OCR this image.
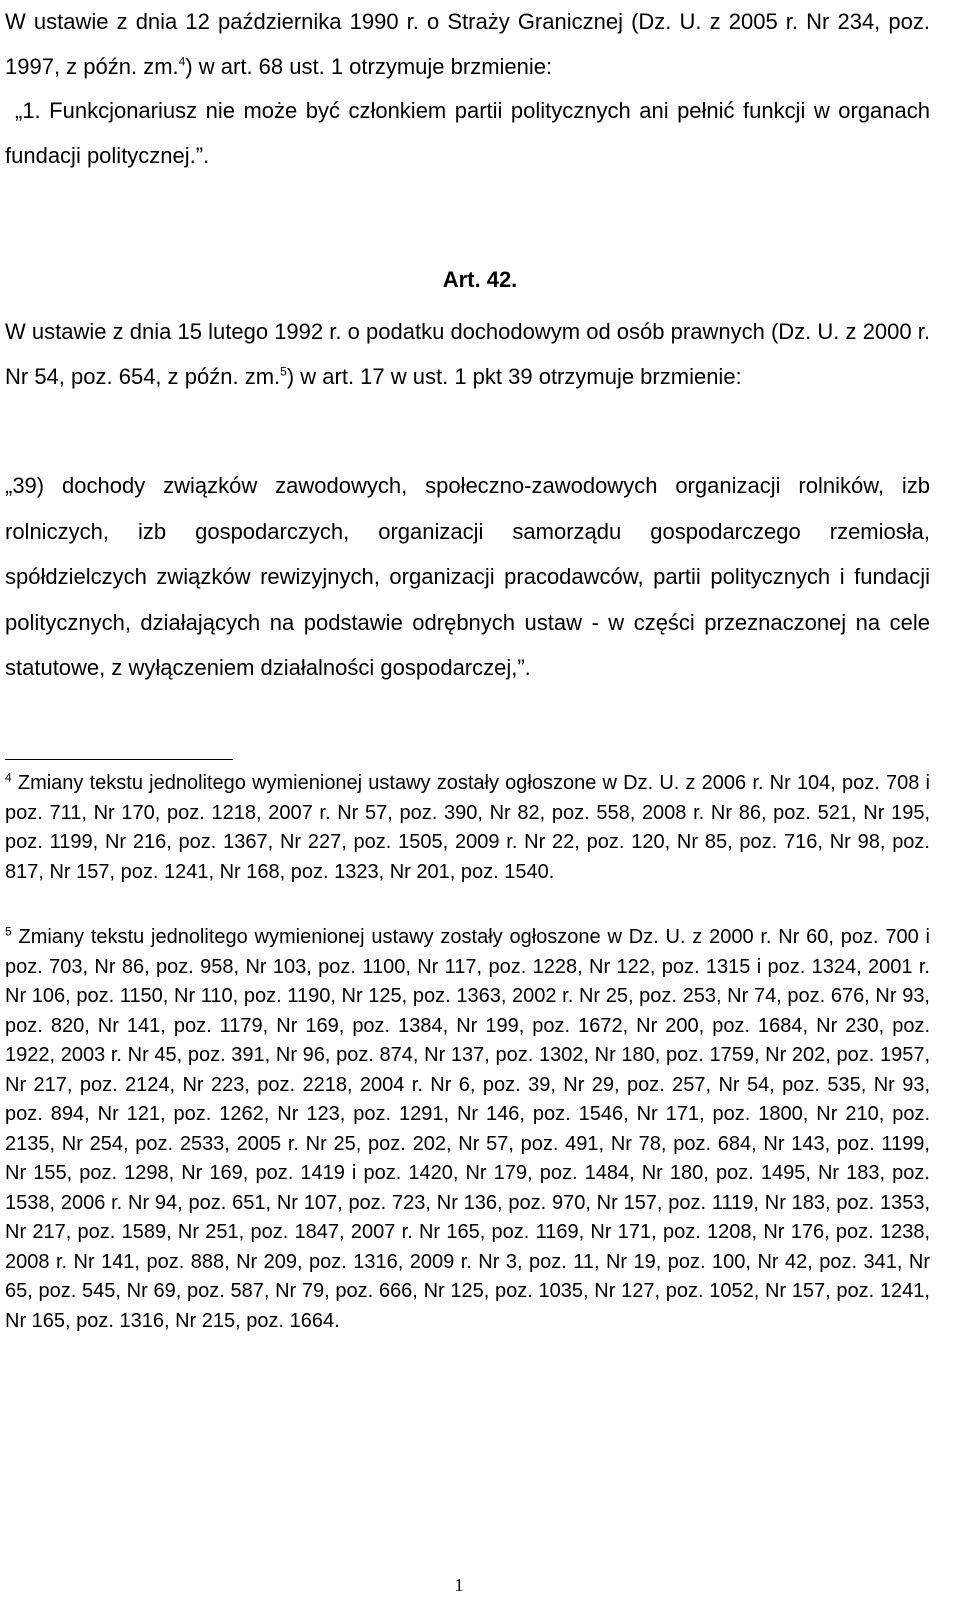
W ustawie z dnia 12 października 1990 r. o Straży Granicznej (Dz. U. z 2005 r. Nr 234, poz. 1997, z późn. zm.$^4$) w art. 68 ust. 1 otrzymuje brzmienie:

„1. Funkcjonariusz nie może być członkiem partii politycznych ani pełnić funkcji w organach fundacji politycznej.”.

Art. 42.

W ustawie z dnia 15 lutego 1992 r. o podatku dochodowym od osób prawnych (Dz. U. z 2000 r. Nr 54, poz. 654, z późn. zm.$^5$) w art. 17 w ust. 1 pkt 39 otrzymuje brzmienie:

„39) dochody związków zawodowych, społeczno-zawodowych organizacji rolników, izb rolniczych, izb gospodarczych, organizacji samorządu gospodarczego rzemiosła, spółdzielczych związków rewizyjnych, organizacji pracodawców, partii politycznych i fundacji politycznych, działających na podstawie odrębnych ustaw - w części przeznaczonej na cele statutowe, z wyłączeniem działalności gospodarczej,”.

$^4$ Zmiany tekstu jednolitego wymienionej ustawy zostały ogłoszone w Dz. U. z 2006 r. Nr 104, poz. 708 i poz. 711, Nr 170, poz. 1218, 2007 r. Nr 57, poz. 390, Nr 82, poz. 558, 2008 r. Nr 86, poz. 521, Nr 195, poz. 1199, Nr 216, poz. 1367, Nr 227, poz. 1505, 2009 r. Nr 22, poz. 120, Nr 85, poz. 716, Nr 98, poz. 817, Nr 157, poz. 1241, Nr 168, poz. 1323, Nr 201, poz. 1540.

$^5$ Zmiany tekstu jednolitego wymienionej ustawy zostały ogłoszone w Dz. U. z 2000 r. Nr 60, poz. 700 i poz. 703, Nr 86, poz. 958, Nr 103, poz. 1100, Nr 117, poz. 1228, Nr 122, poz. 1315 i poz. 1324, 2001 r. Nr 106, poz. 1150, Nr 110, poz. 1190, Nr 125, poz. 1363, 2002 r. Nr 25, poz. 253, Nr 74, poz. 676, Nr 93, poz. 820, Nr 141, poz. 1179, Nr 169, poz. 1384, Nr 199, poz. 1672, Nr 200, poz. 1684, Nr 230, poz. 1922, 2003 r. Nr 45, poz. 391, Nr 96, poz. 874, Nr 137, poz. 1302, Nr 180, poz. 1759, Nr 202, poz. 1957, Nr 217, poz. 2124, Nr 223, poz. 2218, 2004 r. Nr 6, poz. 39, Nr 29, poz. 257, Nr 54, poz. 535, Nr 93, poz. 894, Nr 121, poz. 1262, Nr 123, poz. 1291, Nr 146, poz. 1546, Nr 171, poz. 1800, Nr 210, poz. 2135, Nr 254, poz. 2533, 2005 r. Nr 25, poz. 202, Nr 57, poz. 491, Nr 78, poz. 684, Nr 143, poz. 1199, Nr 155, poz. 1298, Nr 169, poz. 1419 i poz. 1420, Nr 179, poz. 1484, Nr 180, poz. 1495, Nr 183, poz. 1538, 2006 r. Nr 94, poz. 651, Nr 107, poz. 723, Nr 136, poz. 970, Nr 157, poz. 1119, Nr 183, poz. 1353, Nr 217, poz. 1589, Nr 251, poz. 1847, 2007 r. Nr 165, poz. 1169, Nr 171, poz. 1208, Nr 176, poz. 1238, 2008 r. Nr 141, poz. 888, Nr 209, poz. 1316, 2009 r. Nr 3, poz. 11, Nr 19, poz. 100, Nr 42, poz. 341, Nr 65, poz. 545, Nr 69, poz. 587, Nr 79, poz. 666, Nr 125, poz. 1035, Nr 127, poz. 1052, Nr 157, poz. 1241, Nr 165, poz. 1316, Nr 215, poz. 1664.

1
